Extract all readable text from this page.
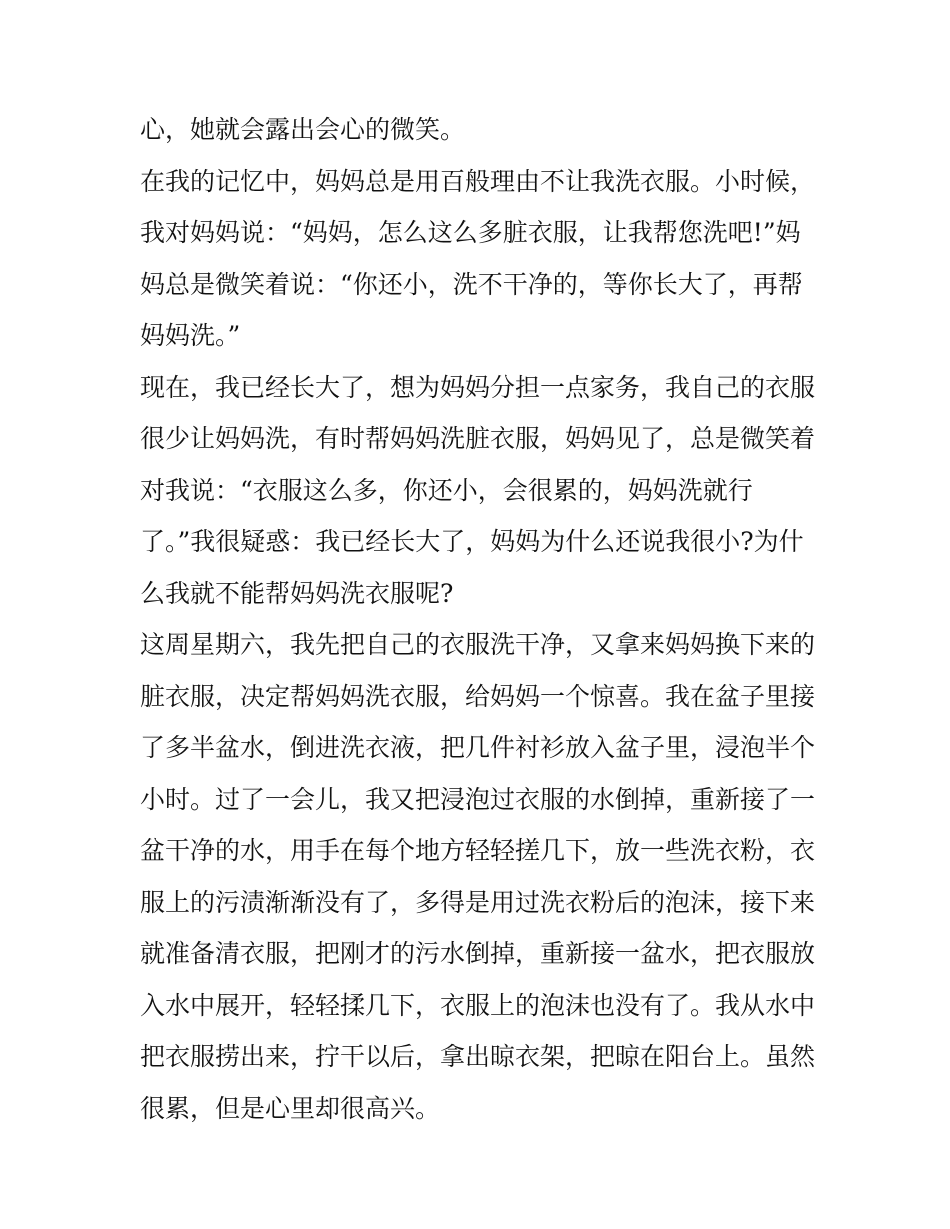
心，她就会露出会心的微笑。
在我的记忆中，妈妈总是用百般理由不让我洗衣服。小时候，
我对妈妈说：“妈妈，怎么这么多脏衣服，让我帮您洗吧!”妈
妈总是微笑着说：“你还小，洗不干净的，等你长大了，再帮
妈妈洗。”
现在，我已经长大了，想为妈妈分担一点家务，我自己的衣服
很少让妈妈洗，有时帮妈妈洗脏衣服，妈妈见了，总是微笑着
对我说：“衣服这么多，你还小，会很累的，妈妈洗就行
了。”我很疑惑：我已经长大了，妈妈为什么还说我很小?为什
么我就不能帮妈妈洗衣服呢?
这周星期六，我先把自己的衣服洗干净，又拿来妈妈换下来的
脏衣服，决定帮妈妈洗衣服，给妈妈一个惊喜。我在盆子里接
了多半盆水，倒进洗衣液，把几件衬衫放入盆子里，浸泡半个
小时。过了一会儿，我又把浸泡过衣服的水倒掉，重新接了一
盆干净的水，用手在每个地方轻轻搓几下，放一些洗衣粉，衣
服上的污渍渐渐没有了，多得是用过洗衣粉后的泡沫，接下来
就准备清衣服，把刚才的污水倒掉，重新接一盆水，把衣服放
入水中展开，轻轻揉几下，衣服上的泡沫也没有了。我从水中
把衣服捞出来，拧干以后，拿出晾衣架，把晾在阳台上。虽然
很累，但是心里却很高兴。
